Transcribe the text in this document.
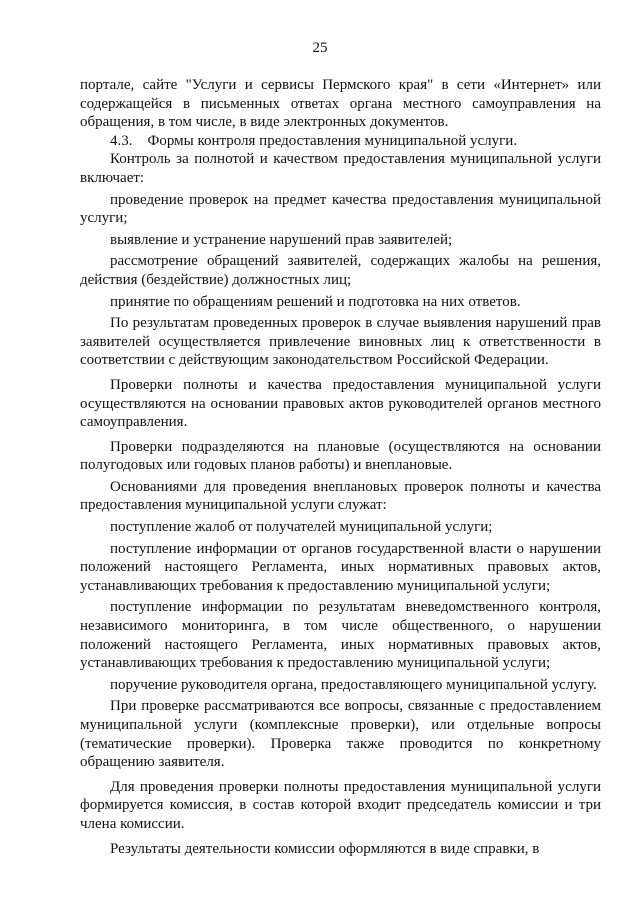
25

портале, сайте "Услуги и сервисы Пермского края" в сети «Интернет» или содержащейся в письменных ответах органа местного самоуправления на обращения, в том числе, в виде электронных документов.

4.3. Формы контроля предоставления муниципальной услуги.

Контроль за полнотой и качеством предоставления муниципальной услуги включает:

проведение проверок на предмет качества предоставления муниципальной услуги;

выявление и устранение нарушений прав заявителей;

рассмотрение обращений заявителей, содержащих жалобы на решения, действия (бездействие) должностных лиц;

принятие по обращениям решений и подготовка на них ответов.

По результатам проведенных проверок в случае выявления нарушений прав заявителей осуществляется привлечение виновных лиц к ответственности в соответствии с действующим законодательством Российской Федерации.

Проверки полноты и качества предоставления муниципальной услуги осуществляются на основании правовых актов руководителей органов местного самоуправления.

Проверки подразделяются на плановые (осуществляются на основании полугодовых или годовых планов работы) и внеплановые.

Основаниями для проведения внеплановых проверок полноты и качества предоставления муниципальной услуги служат:

поступление жалоб от получателей муниципальной услуги;

поступление информации от органов государственной власти о нарушении положений настоящего Регламента, иных нормативных правовых актов, устанавливающих требования к предоставлению муниципальной услуги;

поступление информации по результатам вневедомственного контроля, независимого мониторинга, в том числе общественного, о нарушении положений настоящего Регламента, иных нормативных правовых актов, устанавливающих требования к предоставлению муниципальной услуги;

поручение руководителя органа, предоставляющего муниципальной услугу.

При проверке рассматриваются все вопросы, связанные с предоставлением муниципальной услуги (комплексные проверки), или отдельные вопросы (тематические проверки). Проверка также проводится по конкретному обращению заявителя.

Для проведения проверки полноты предоставления муниципальной услуги формируется комиссия, в состав которой входит председатель комиссии и три члена комиссии.

Результаты деятельности комиссии оформляются в виде справки, в
